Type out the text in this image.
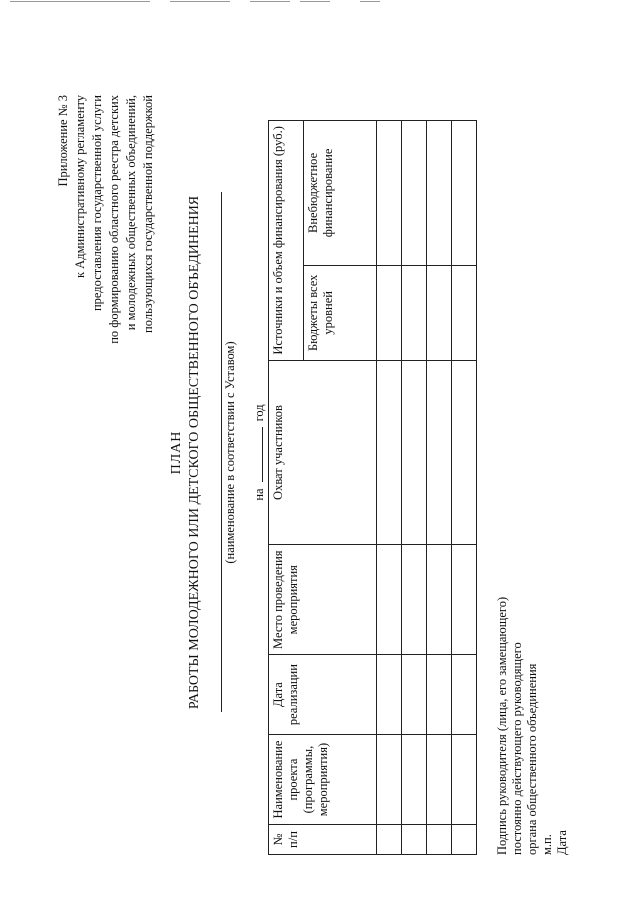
Приложение № 3 к Административному регламенту предоставления государственной услуги по формированию областного реестра детских и молодежных общественных объединений, пользующихся государственной поддержкой
ПЛАН РАБОТЫ МОЛОДЕЖНОГО ИЛИ ДЕТСКОГО ОБЩЕСТВЕННОГО ОБЪЕДИНЕНИЯ (наименование в соответствии с Уставом) нагод
№ п/п	Наименование проекта (программы, мероприятия)	Дата реализации	Место проведения мероприятия	Охват участников	Источники и объем финансирования (руб.)	
					Бюджеты всех уровней	Внебюджетное финансирование

Подпись руководителя (лица, его замещающего) постоянно действующего руководящего органа общественного объединения м.п. Дата
